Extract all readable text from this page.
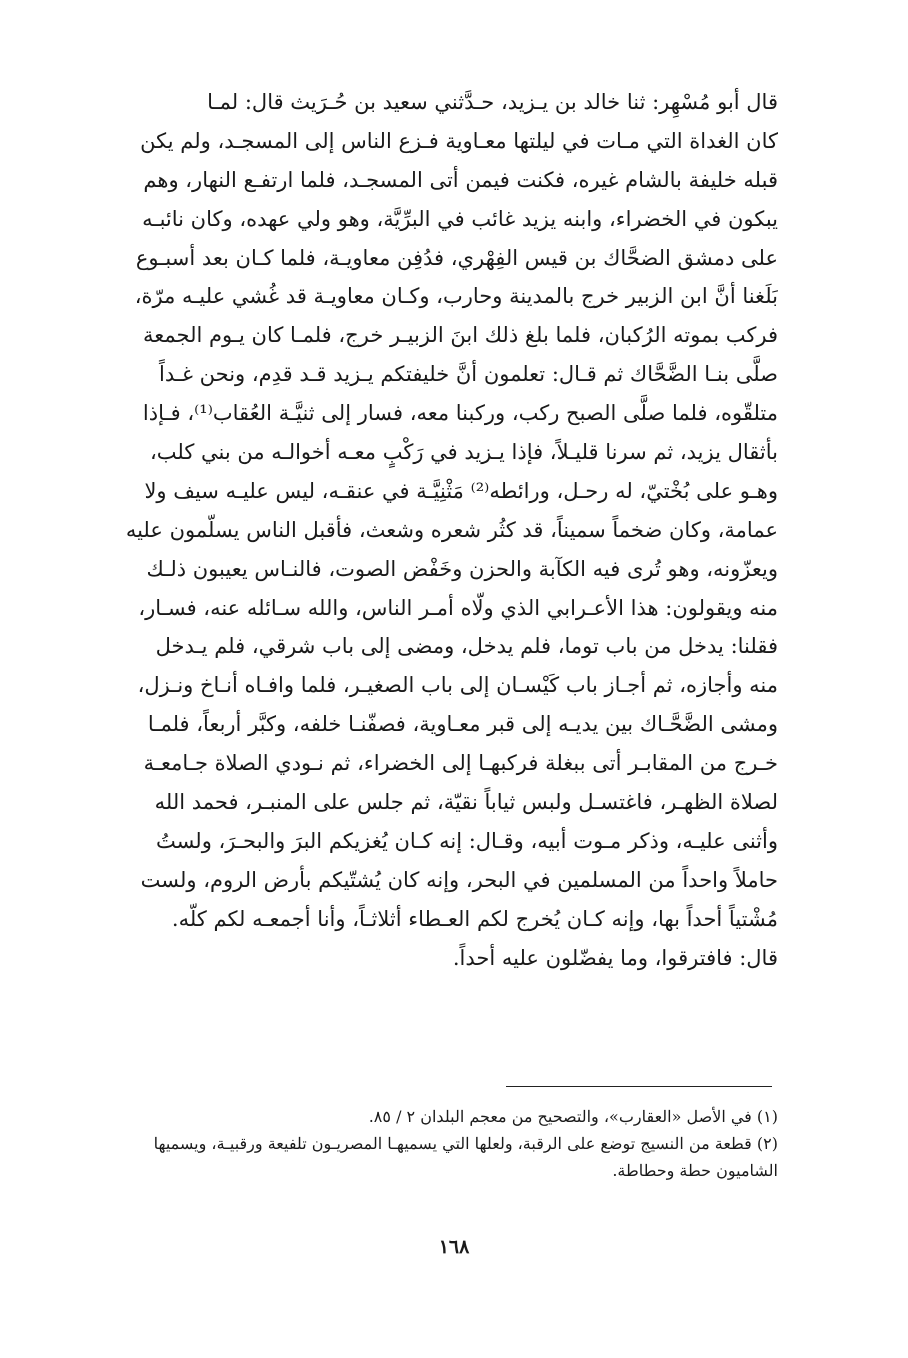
قال أبو مُسْهِر: ثنا خالد بن يـزيد، حـدَّثني سعيد بن حُـرَيث قال: لمـا
كان الغداة التي مـات في ليلتها معـاوية فـزع الناس إلى المسجـد، ولم يكن
قبله خليفة بالشام غيره، فكنت فيمن أتى المسجـد، فلما ارتفـع النهار، وهم
يبكون في الخضراء، وابنه يزيد غائب في البرِّيَّة، وهو ولي عهده، وكان نائبـه
على دمشق الضحَّاك بن قيس الفِهْري، فدُفِن معاويـة، فلما كـان بعد أسبـوع
بَلَغنا أنَّ ابن الزبير خرج بالمدينة وحارب، وكـان معاويـة قد غُشي عليـه مرّة،
فركب بموته الرُكبان، فلما بلغ ذلك ابنَ الزبيـر خرج، فلمـا كان يـوم الجمعة
صلَّى بنـا الضَّحَّاك ثم قـال: تعلمون أنَّ خليفتكم يـزيد قـد قدِم، ونحن غـداً
متلقّوه، فلما صلَّى الصبح ركب، وركبنا معه، فسار إلى ثنيَّـة العُقاب⁽¹⁾، فـإذا
بأثقال يزيد، ثم سرنا قليـلاً، فإذا يـزيد في رَكْبٍ معـه أخوالـه من بني كلب،
وهـو على بُخْتيّ، له رحـل، ورائطه⁽²⁾ مَثْنِيَّـة في عنقـه، ليس عليـه سيف ولا
عمامة، وكان ضخماً سميناً، قد كثُر شعره وشعث، فأقبل الناس يسلّمون عليه
ويعزّونه، وهو تُرى فيه الكآبة والحزن وخَفْض الصوت، فالنـاس يعيبون ذلـك
منه ويقولون: هذا الأعـرابي الذي ولّاه أمـر الناس، والله سـائله عنه، فسـار،
فقلنا: يدخل من باب توما، فلم يدخل، ومضى إلى باب شرقي، فلم يـدخل
منه وأجازه، ثم أجـاز باب كَيْسـان إلى باب الصغيـر، فلما وافـاه أنـاخ ونـزل،
ومشى الضَّحَّـاك بين يديـه إلى قبر معـاوية، فصفّنـا خلفه، وكبَّر أربعاً، فلمـا
خـرج من المقابـر أتى ببغلة فركبهـا إلى الخضراء، ثم نـودي الصلاة جـامعـة
لصلاة الظهـر، فاغتسـل ولبس ثياباً نقيّة، ثم جلس على المنبـر، فحمد الله
وأثنى عليـه، وذكر مـوت أبيه، وقـال: إنه كـان يُغزيكم البرَ والبحـرَ، ولستُ
حاملاً واحداً من المسلمين في البحر، وإنه كان يُشتّيكم بأرض الروم، ولست
مُشْتياً أحداً بها، وإنه كـان يُخرج لكم العـطاء أثلاثـاً، وأنا أجمعـه لكم كلّه.
قال: فافترقوا، وما يفضّلون عليه أحداً.
(١) في الأصل «العقارب»، والتصحيح من معجم البلدان ٢ / ٨٥.
(٢) قطعة من النسيج توضع على الرقبة، ولعلها التي يسميهـا المصريـون تلفيعة ورقبيـة، ويسميها
الشاميون حطة وحطاطة.
١٦٨
